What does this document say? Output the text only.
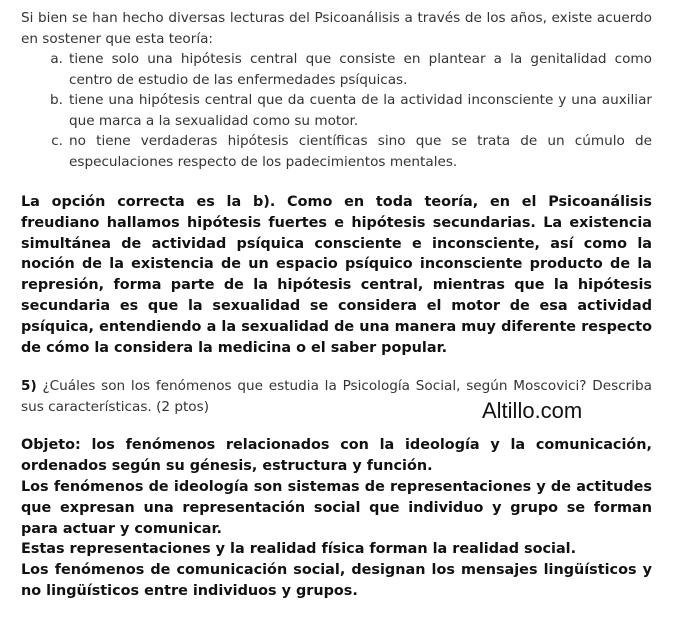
Si bien se han hecho diversas lecturas del Psicoanálisis a través de los años, existe acuerdo en sostener que esta teoría:

a. tiene solo una hipótesis central que consiste en plantear a la genitalidad como centro de estudio de las enfermedades psíquicas.
b. tiene una hipótesis central que da cuenta de la actividad inconsciente y una auxiliar que marca a la sexualidad como su motor.
c. no tiene verdaderas hipótesis científicas sino que se trata de un cúmulo de especulaciones respecto de los padecimientos mentales.

La opción correcta es la b). Como en toda teoría, en el Psicoanálisis freudiano hallamos hipótesis fuertes e hipótesis secundarias. La existencia simultánea de actividad psíquica consciente e inconsciente, así como la noción de la existencia de un espacio psíquico inconsciente producto de la represión, forma parte de la hipótesis central, mientras que la hipótesis secundaria es que la sexualidad se considera el motor de esa actividad psíquica, entendiendo a la sexualidad de una manera muy diferente respecto de cómo la considera la medicina o el saber popular.

5) ¿Cuáles son los fenómenos que estudia la Psicología Social, según Moscovici? Describa sus características. (2 ptos)

Objeto: los fenómenos relacionados con la ideología y la comunicación, ordenados según su génesis, estructura y función.

Los fenómenos de ideología son sistemas de representaciones y de actitudes que expresan una representación social que individuo y grupo se forman para actuar y comunicar.

Estas representaciones y la realidad física forman la realidad social.

Los fenómenos de comunicación social, designan los mensajes lingüísticos y no lingüísticos entre individuos y grupos.

Altillo.com
